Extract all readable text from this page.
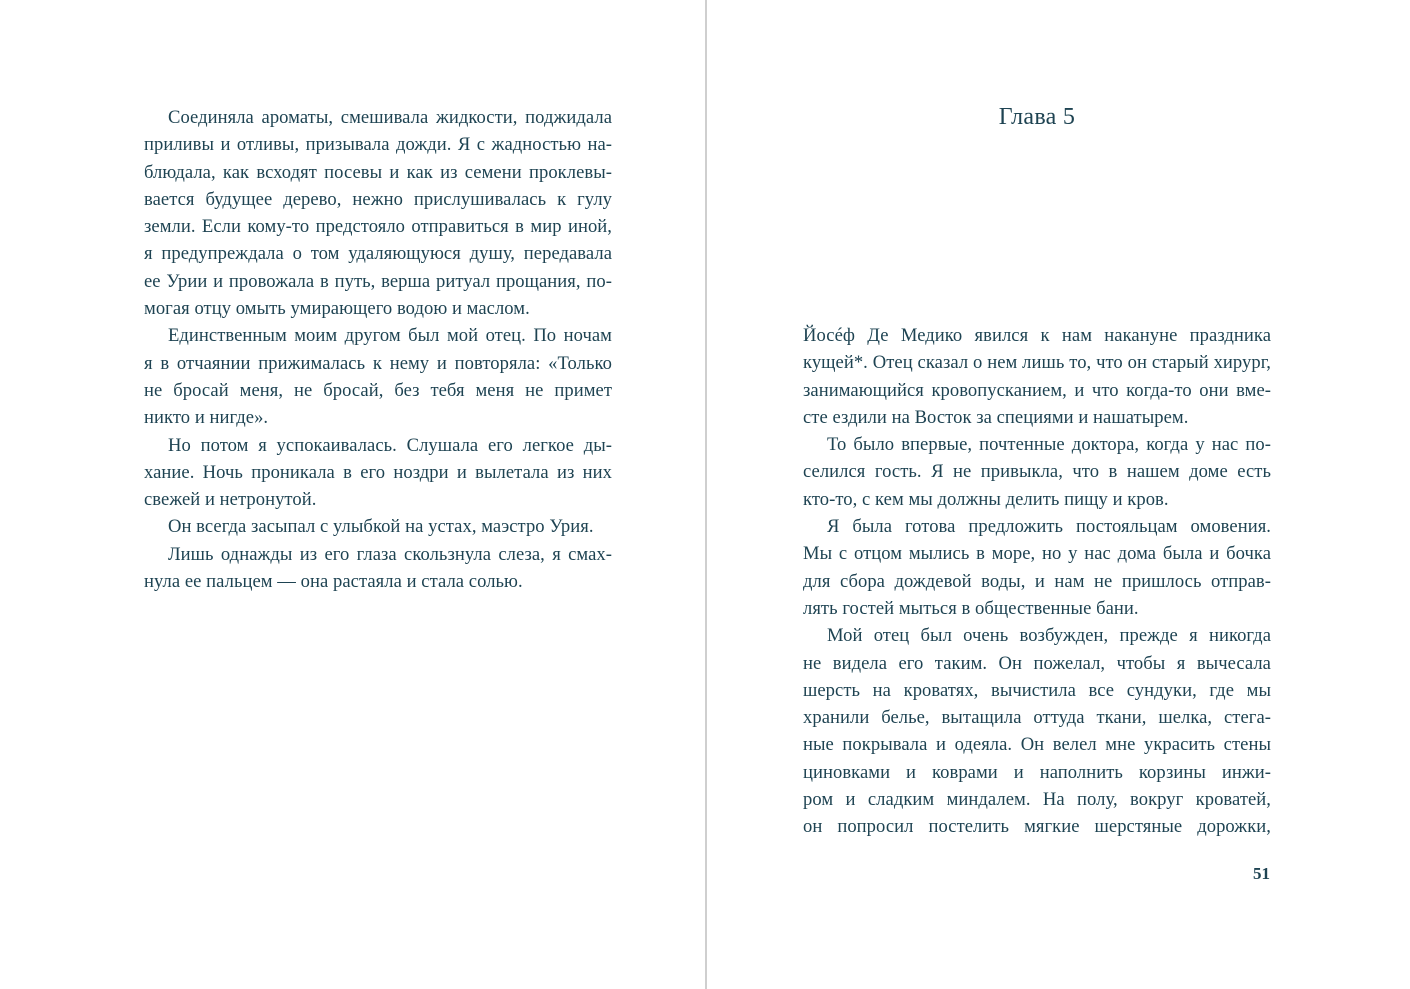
Соединяла ароматы, смешивала жидкости, поджидала
приливы и отливы, призывала дожди. Я с жадностью на-
блюдала, как всходят посевы и как из семени проклевы-
вается будущее дерево, нежно прислушивалась к гулу
земли. Если кому-то предстояло отправиться в мир иной,
я предупреждала о том удаляющуюся душу, передавала
ее Урии и провожала в путь, верша ритуал прощания, по-
могая отцу омыть умирающего водою и маслом.
Единственным моим другом был мой отец. По ночам
я в отчаянии прижималась к нему и повторяла: «Только
не бросай меня, не бросай, без тебя меня не примет
никто и нигде».
Но потом я успокаивалась. Слушала его легкое ды-
хание. Ночь проникала в его ноздри и вылетала из них
свежей и нетронутой.
Он всегда засыпал с улыбкой на устах, маэстро Урия.
Лишь однажды из его глаза скользнула слеза, я смах-
нула ее пальцем — она растаяла и стала солью.
Глава 5
Йосéф Де Медико явился к нам накануне праздника
кущей*. Отец сказал о нем лишь то, что он старый хирург,
занимающийся кровопусканием, и что когда-то они вме-
сте ездили на Восток за специями и нашатырем.
То было впервые, почтенные доктора, когда у нас по-
селился гость. Я не привыкла, что в нашем доме есть
кто-то, с кем мы должны делить пищу и кров.
Я была готова предложить постояльцам омовения.
Мы с отцом мылись в море, но у нас дома была и бочка
для сбора дождевой воды, и нам не пришлось отправ-
лять гостей мыться в общественные бани.
Мой отец был очень возбужден, прежде я никогда
не видела его таким. Он пожелал, чтобы я вычесала
шерсть на кроватях, вычистила все сундуки, где мы
хранили белье, вытащила оттуда ткани, шелка, стега-
ные покрывала и одеяла. Он велел мне украсить стены
циновками и коврами и наполнить корзины инжи-
ром и сладким миндалем. На полу, вокруг кроватей,
он попросил постелить мягкие шерстяные дорожки,
51
